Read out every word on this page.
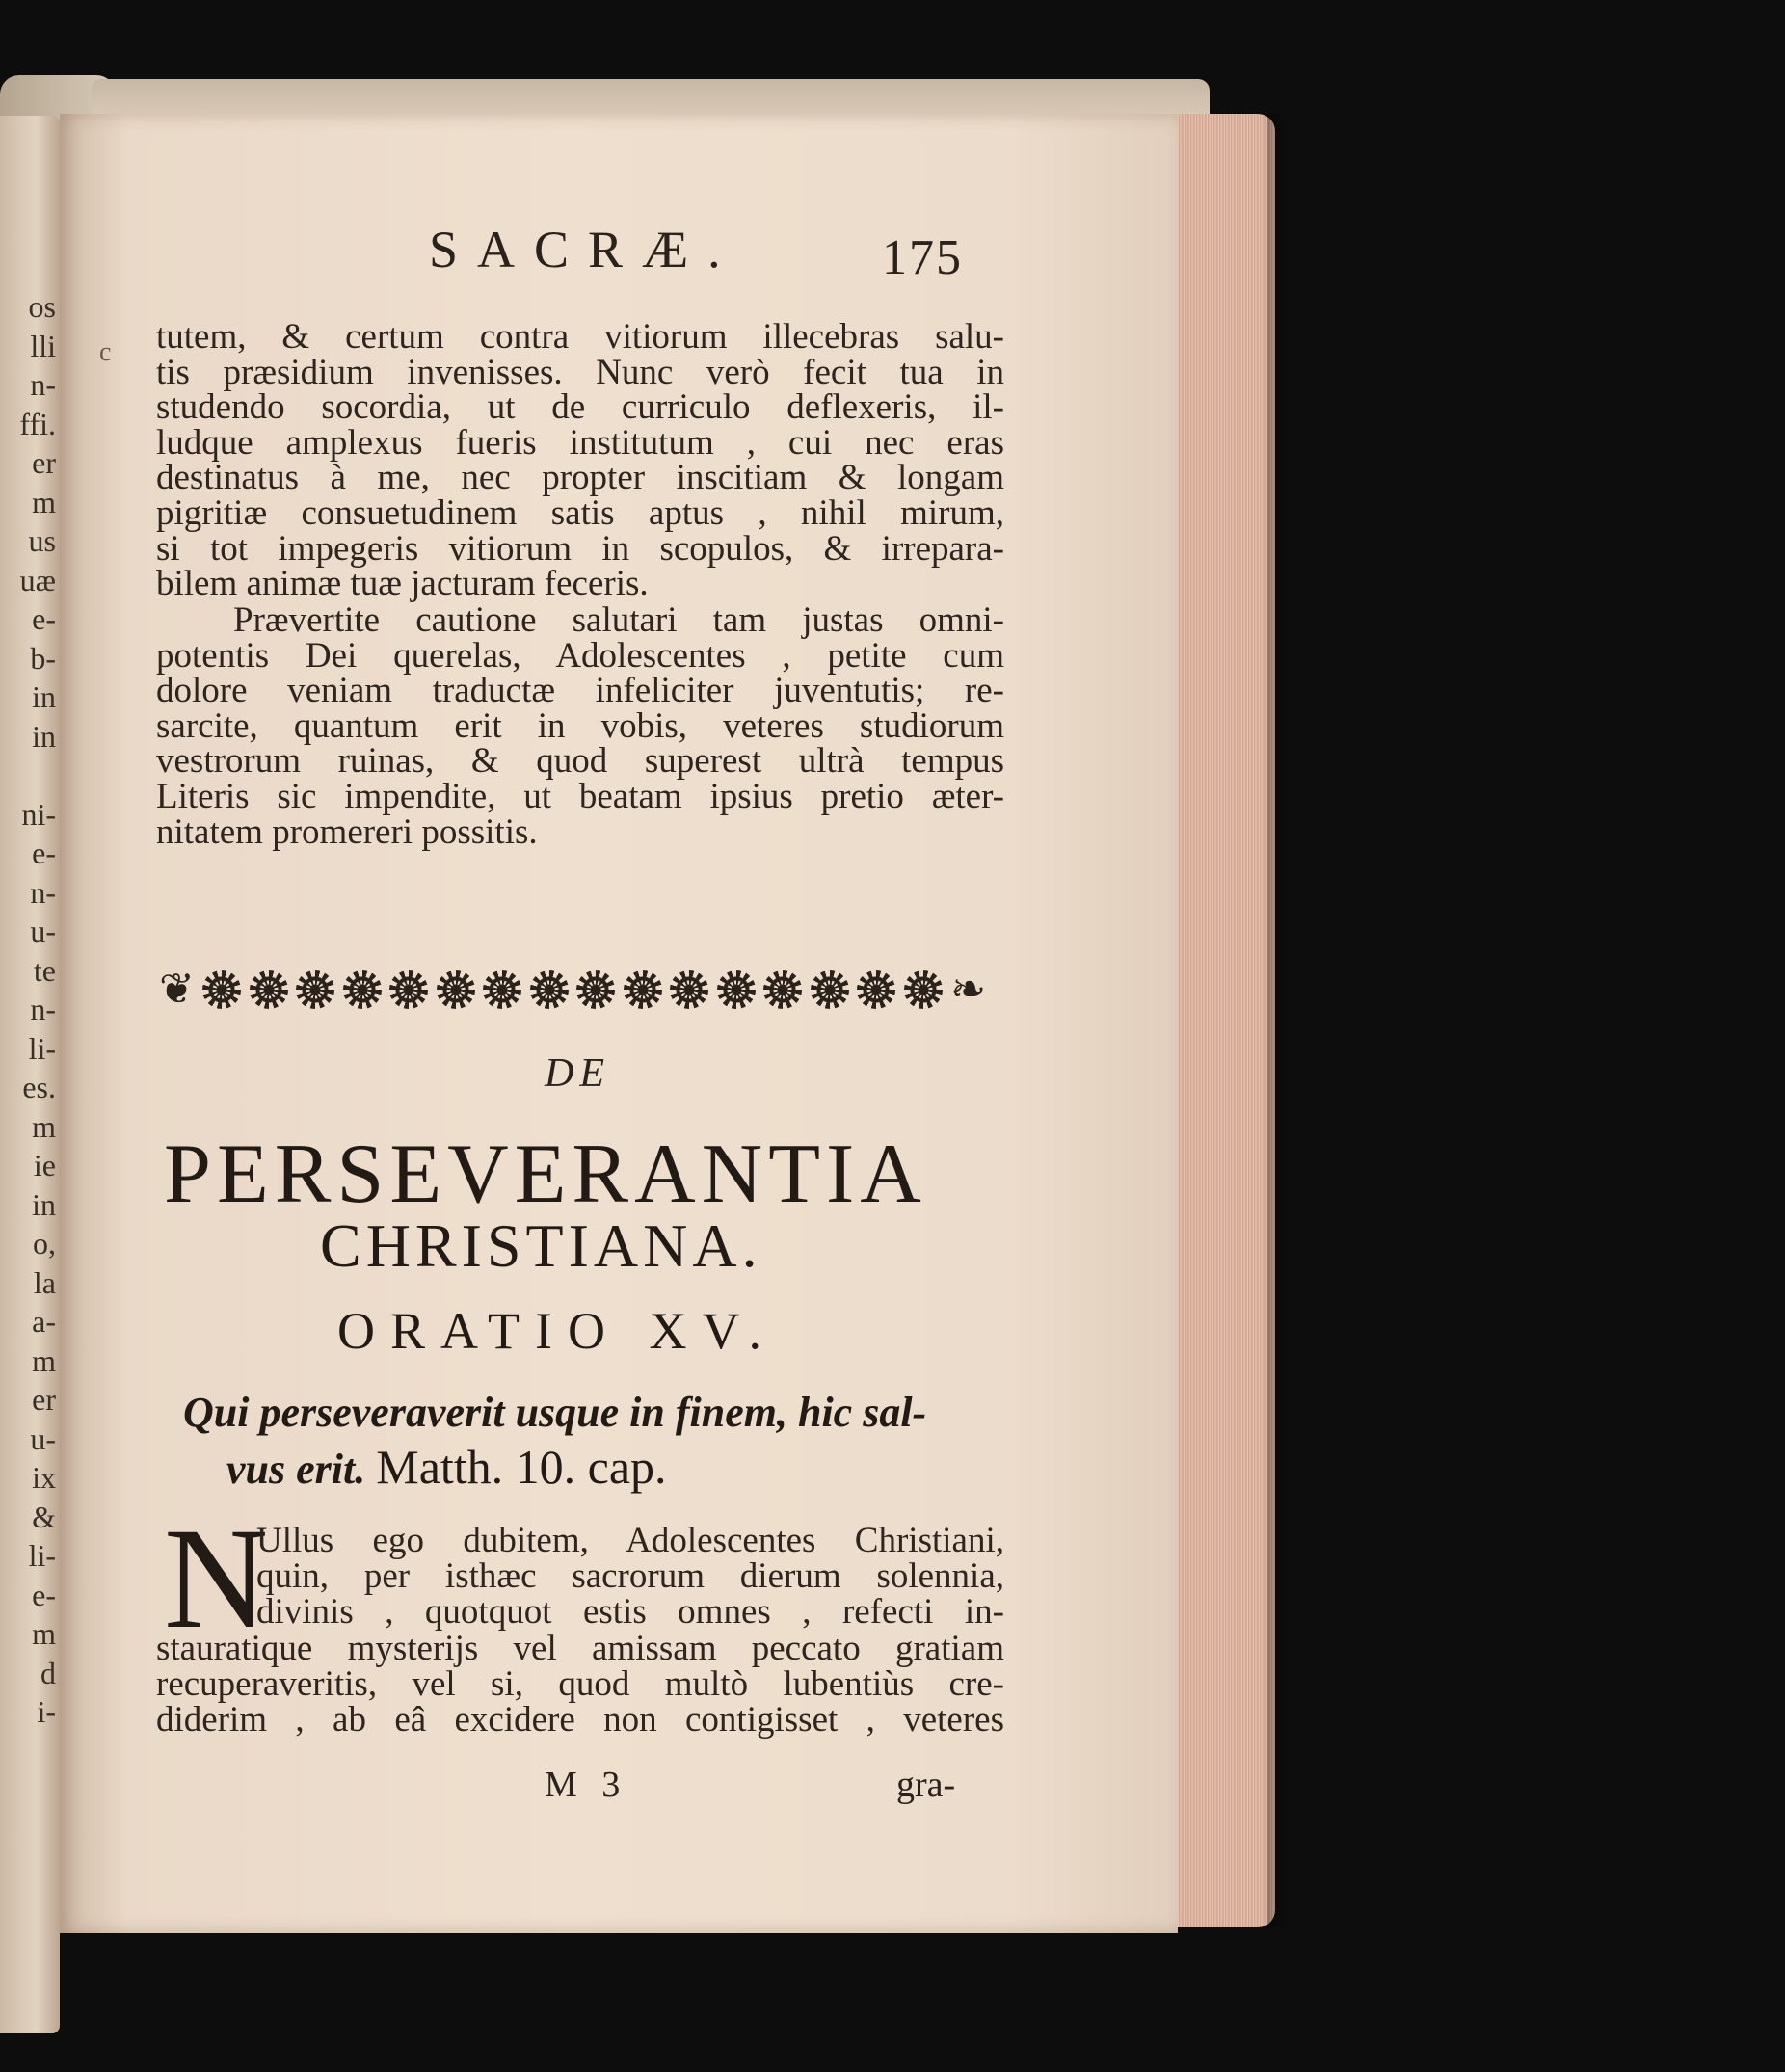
os
lli
n-
ffi.
er
m
us
uæ
e-
b-
in
in
ni-
e-
n-
u-
te
n-
li-
es.
m
ie
in
o,
la
a-
m
er
u-
ix
&
li-
e-
m
d
i-
SACRÆ.	175
c tutem, & certum contra vitiorum illecebras salu-
tis præsidium invenisses. Nunc verò fecit tua in
studendo socordia, ut de curriculo deflexeris, il-
ludque amplexus fueris institutum , cui nec eras
destinatus à me, nec propter inscitiam & longam
pigritiæ consuetudinem satis aptus , nihil mirum,
si tot impegeris vitiorum in scopulos, & irrepara-
bilem animæ tuæ jacturam feceris.
Prævertite cautione salutari tam justas omni-
potentis Dei querelas, Adolescentes , petite cum
dolore veniam traductæ infeliciter juventutis; re-
sarcite, quantum erit in vobis, veteres studiorum
vestrorum ruinas, & quod superest ultrà tempus
Literis sic impendite, ut beatam ipsius pretio æter-
nitatem promereri possitis.
❦	❧
DE
PERSEVERANTIA
CHRISTIANA.
ORATIO XV.
Qui perseveraverit usque in finem, hic sal-
vus erit. Matth. 10. cap.
N
Ullus ego dubitem, Adolescentes Christiani,
quin, per isthæc sacrorum dierum solennia,
divinis , quotquot estis omnes , refecti in-
stauratique mysterijs vel amissam peccato gratiam
recuperaveritis, vel si, quod multò lubentiùs cre-
diderim , ab eâ excidere non contigisset , veteres
M 3	gra-
